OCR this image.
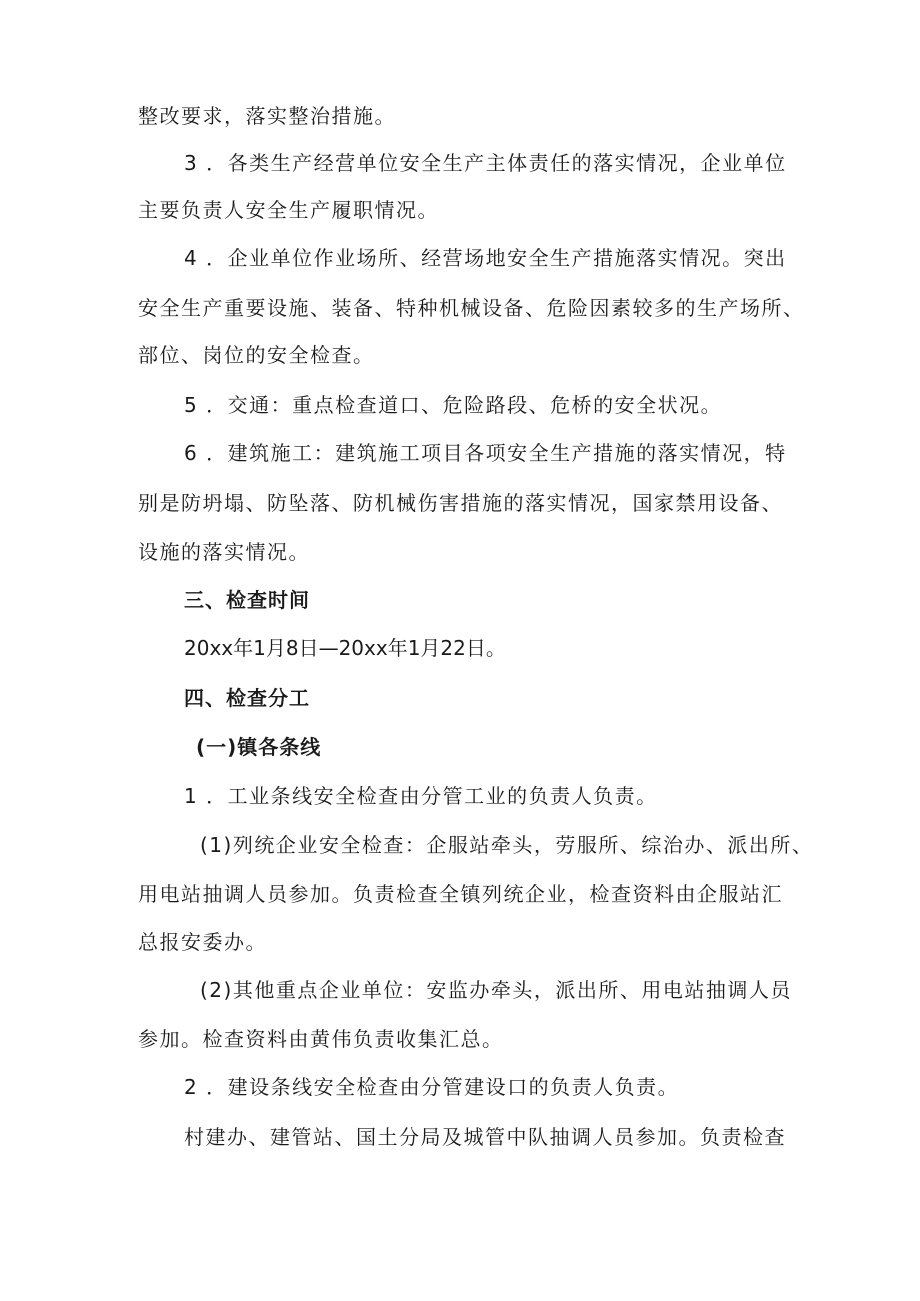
整改要求，落实整治措施。
3 ．各类生产经营单位安全生产主体责任的落实情况，企业单位
主要负责人安全生产履职情况。
4 ．企业单位作业场所、经营场地安全生产措施落实情况。突出
安全生产重要设施、装备、特种机械设备、危险因素较多的生产场所、
部位、岗位的安全检查。
5 ．交通：重点检查道口、危险路段、危桥的安全状况。
6 ．建筑施工：建筑施工项目各项安全生产措施的落实情况，特
别是防坍塌、防坠落、防机械伤害措施的落实情况，国家禁用设备、
设施的落实情况。
三、检查时间
20xx年1月8日—20xx年1月22日。
四、检查分工
(一)镇各条线
1 ．工业条线安全检查由分管工业的负责人负责。
(1)列统企业安全检查：企服站牵头，劳服所、综治办、派出所、
用电站抽调人员参加。负责检查全镇列统企业，检查资料由企服站汇
总报安委办。
(2)其他重点企业单位：安监办牵头，派出所、用电站抽调人员
参加。检查资料由黄伟负责收集汇总。
2 ．建设条线安全检查由分管建设口的负责人负责。
村建办、建管站、国土分局及城管中队抽调人员参加。负责检查
